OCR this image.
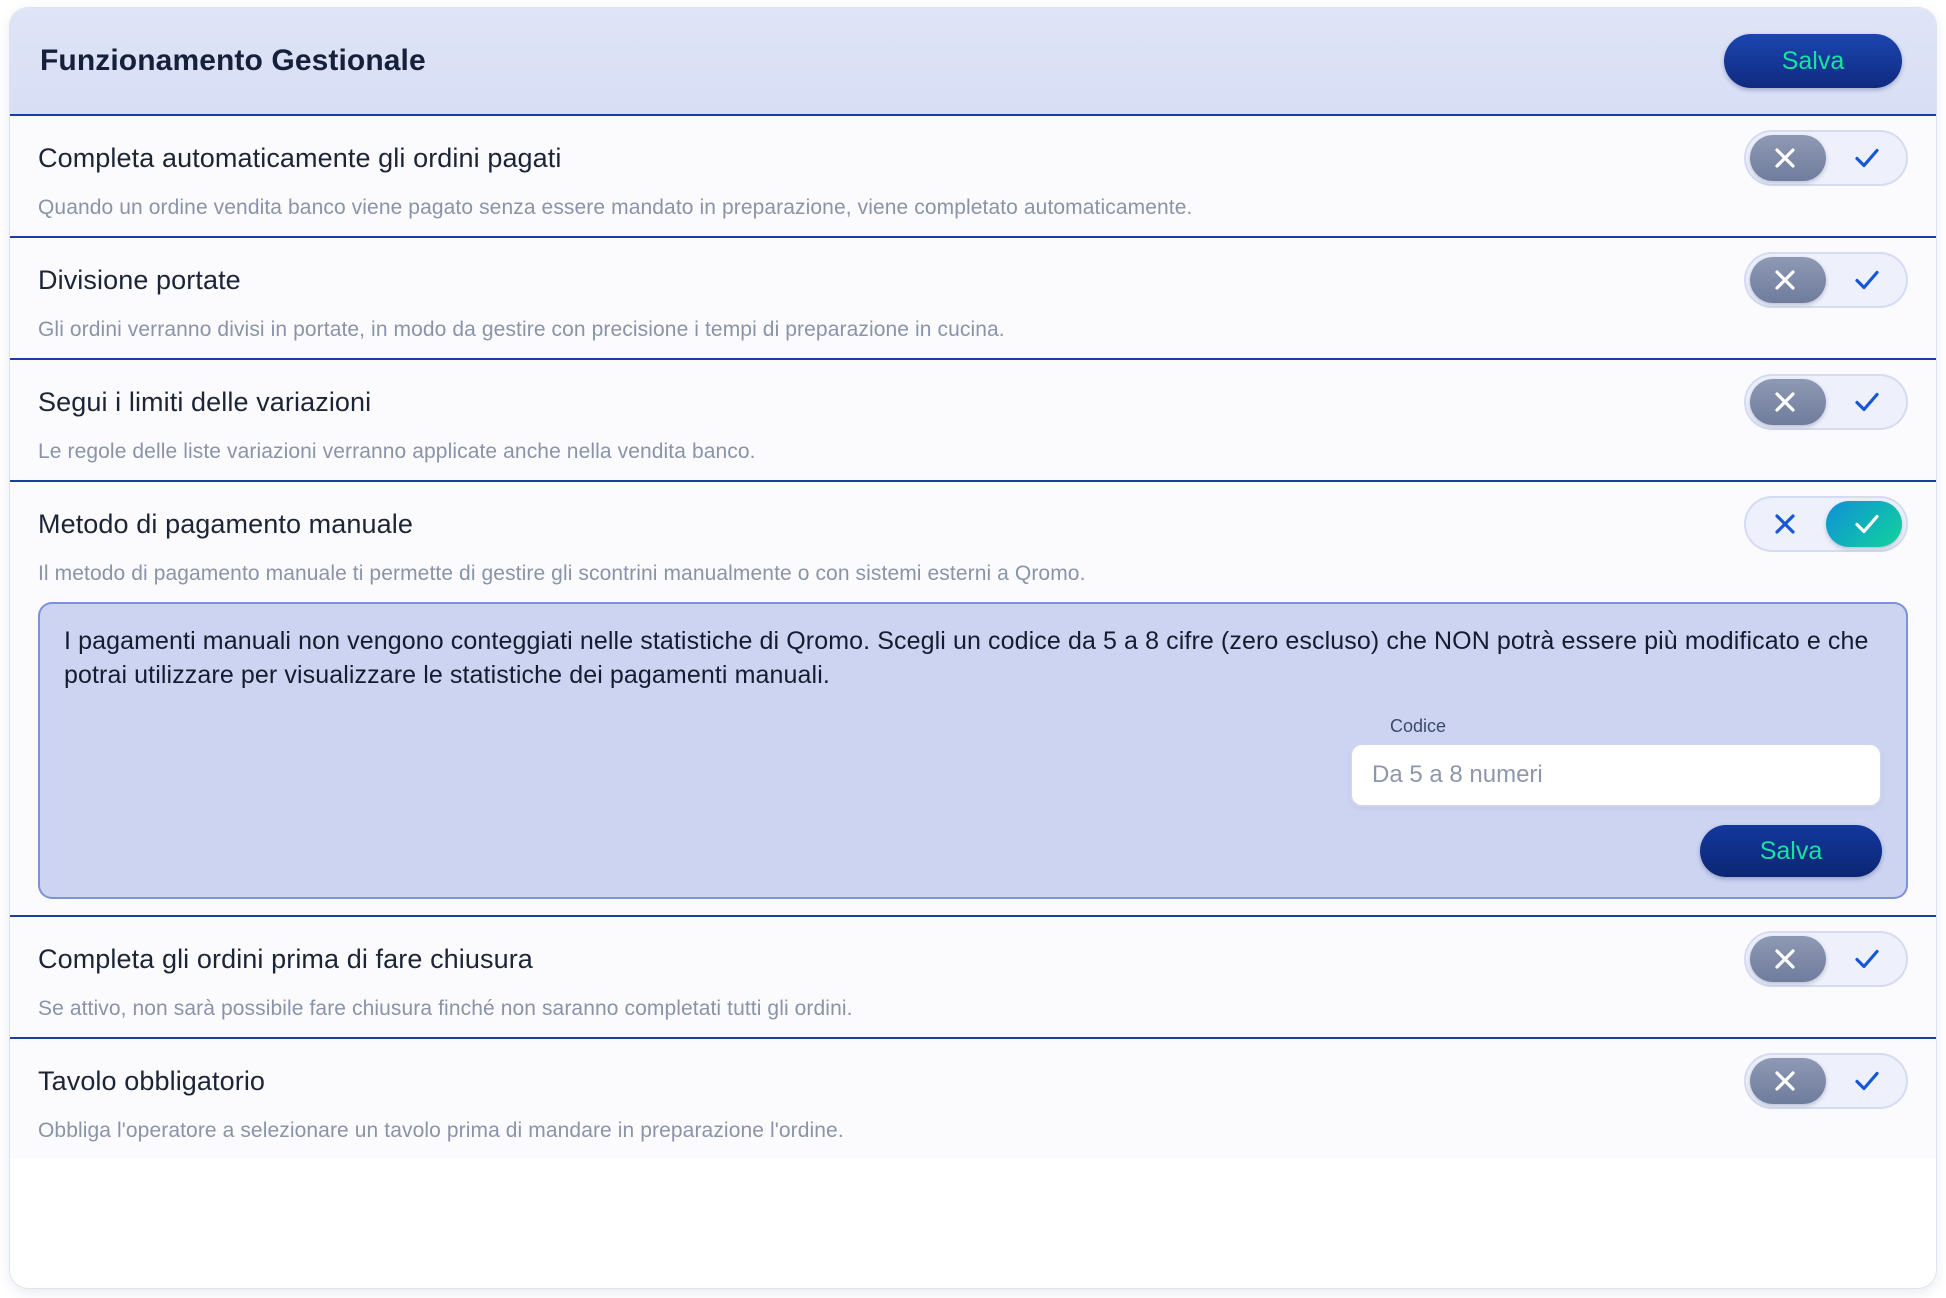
Funzionamento Gestionale	Salva
Completa automaticamente gli ordini pagati
Quando un ordine vendita banco viene pagato senza essere mandato in preparazione, viene completato automaticamente.
Divisione portate
Gli ordini verranno divisi in portate, in modo da gestire con precisione i tempi di preparazione in cucina.
Segui i limiti delle variazioni
Le regole delle liste variazioni verranno applicate anche nella vendita banco.
Metodo di pagamento manuale
Il metodo di pagamento manuale ti permette di gestire gli scontrini manualmente o con sistemi esterni a Qromo.
I pagamenti manuali non vengono conteggiati nelle statistiche di Qromo. Scegli un codice da 5 a 8 cifre (zero escluso) che NON potrà essere più modificato e che potrai utilizzare per visualizzare le statistiche dei pagamenti manuali.
Codice
Da 5 a 8 numeri
Salva
Completa gli ordini prima di fare chiusura
Se attivo, non sarà possibile fare chiusura finché non saranno completati tutti gli ordini.
Tavolo obbligatorio
Obbliga l'operatore a selezionare un tavolo prima di mandare in preparazione l'ordine.
